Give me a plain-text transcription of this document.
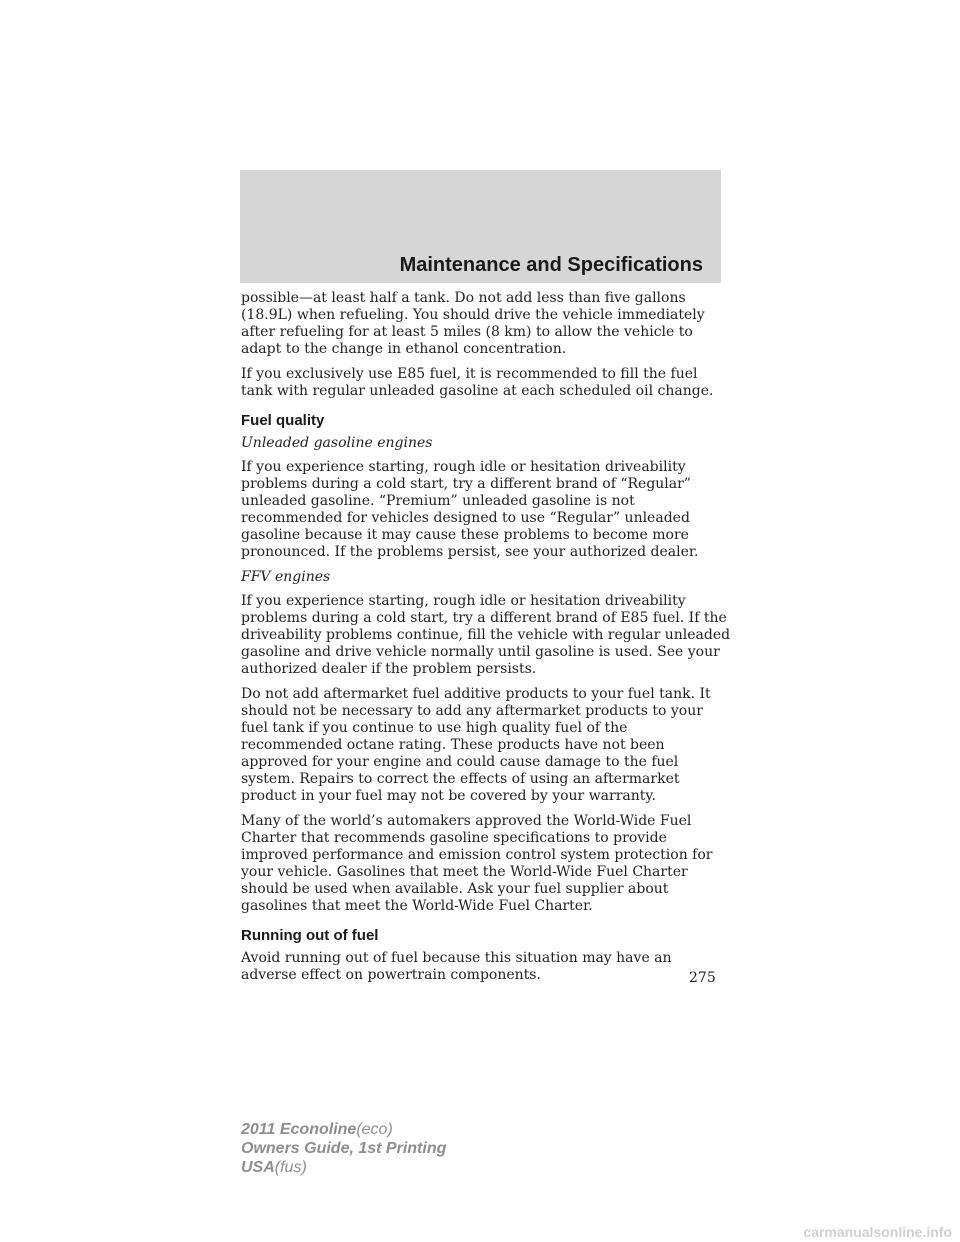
Maintenance and Specifications

possible—at least half a tank. Do not add less than five gallons (18.9L) when refueling. You should drive the vehicle immediately after refueling for at least 5 miles (8 km) to allow the vehicle to adapt to the change in ethanol concentration.

If you exclusively use E85 fuel, it is recommended to fill the fuel tank with regular unleaded gasoline at each scheduled oil change.

Fuel quality

Unleaded gasoline engines

If you experience starting, rough idle or hesitation driveability problems during a cold start, try a different brand of “Regular” unleaded gasoline. “Premium” unleaded gasoline is not recommended for vehicles designed to use “Regular” unleaded gasoline because it may cause these problems to become more pronounced. If the problems persist, see your authorized dealer.

FFV engines

If you experience starting, rough idle or hesitation driveability problems during a cold start, try a different brand of E85 fuel. If the driveability problems continue, fill the vehicle with regular unleaded gasoline and drive vehicle normally until gasoline is used. See your authorized dealer if the problem persists.

Do not add aftermarket fuel additive products to your fuel tank. It should not be necessary to add any aftermarket products to your fuel tank if you continue to use high quality fuel of the recommended octane rating. These products have not been approved for your engine and could cause damage to the fuel system. Repairs to correct the effects of using an aftermarket product in your fuel may not be covered by your warranty.

Many of the world’s automakers approved the World-Wide Fuel Charter that recommends gasoline specifications to provide improved performance and emission control system protection for your vehicle. Gasolines that meet the World-Wide Fuel Charter should be used when available. Ask your fuel supplier about gasolines that meet the World-Wide Fuel Charter.

Running out of fuel

Avoid running out of fuel because this situation may have an adverse effect on powertrain components.	275
2011 Econoline(eco)
Owners Guide, 1st Printing
USA(fus)
carmanualsonline.info
